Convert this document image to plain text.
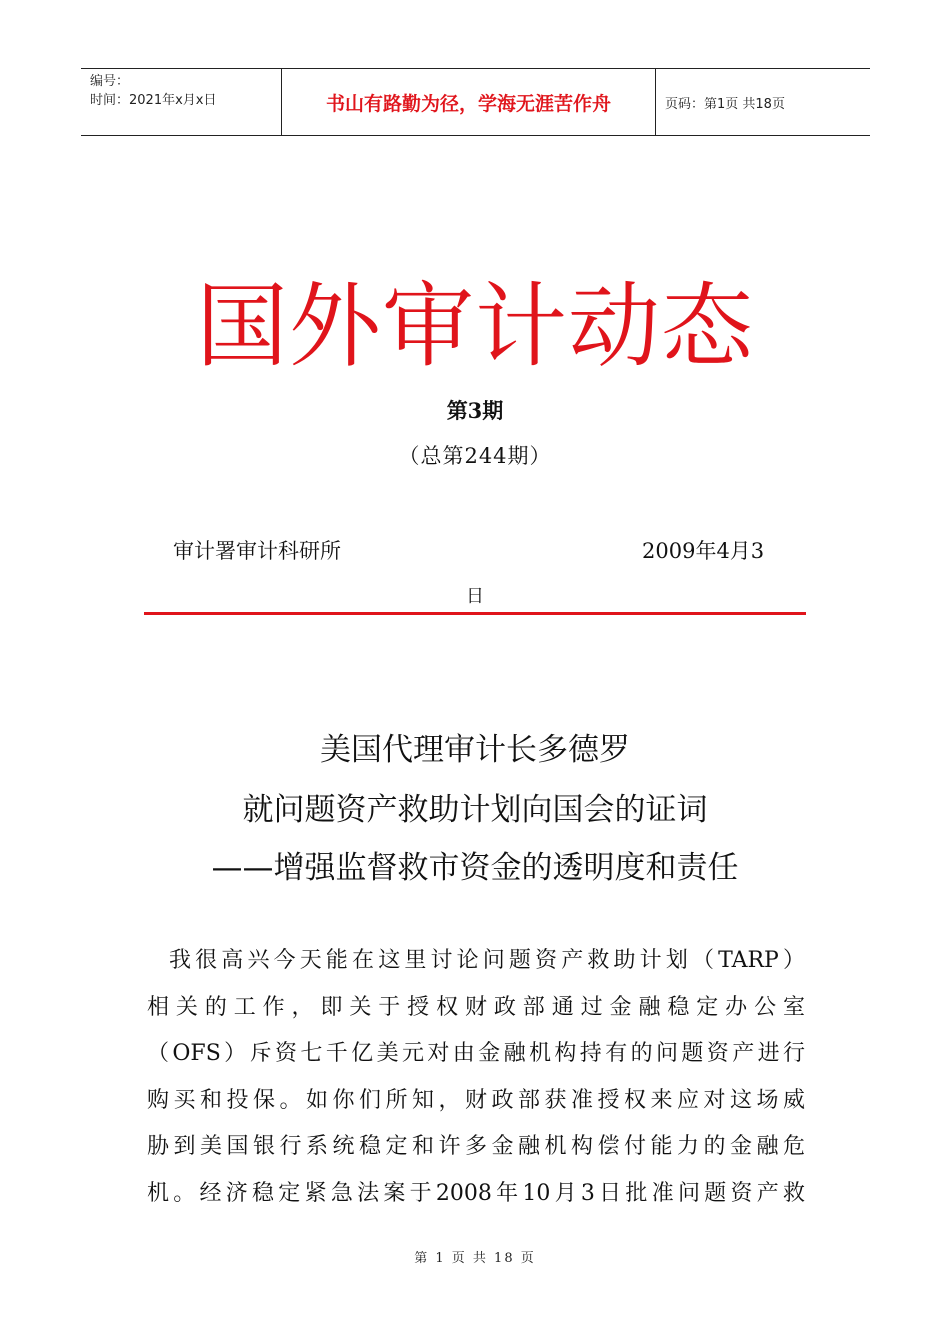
编号：
时间：2021年x月x日	书山有路勤为径，学海无涯苦作舟	页码：第1页 共18页
国外审计动态
第3期
（总第244期）
审计署审计科研所	2009年4月3
日
美国代理审计长多德罗
就问题资产救助计划向国会的证词
——增强监督救市资金的透明度和责任
我很高兴今天能在这里讨论问题资产救助计划（TARP）
相关的工作，即关于授权财政部通过金融稳定办公室
（OFS）斥资七千亿美元对由金融机构持有的问题资产进行
购买和投保。如你们所知，财政部获准授权来应对这场威
胁到美国银行系统稳定和许多金融机构偿付能力的金融危
机。经济稳定紧急法案于2008年10月3日批准问题资产救
第 1 页 共 18 页
